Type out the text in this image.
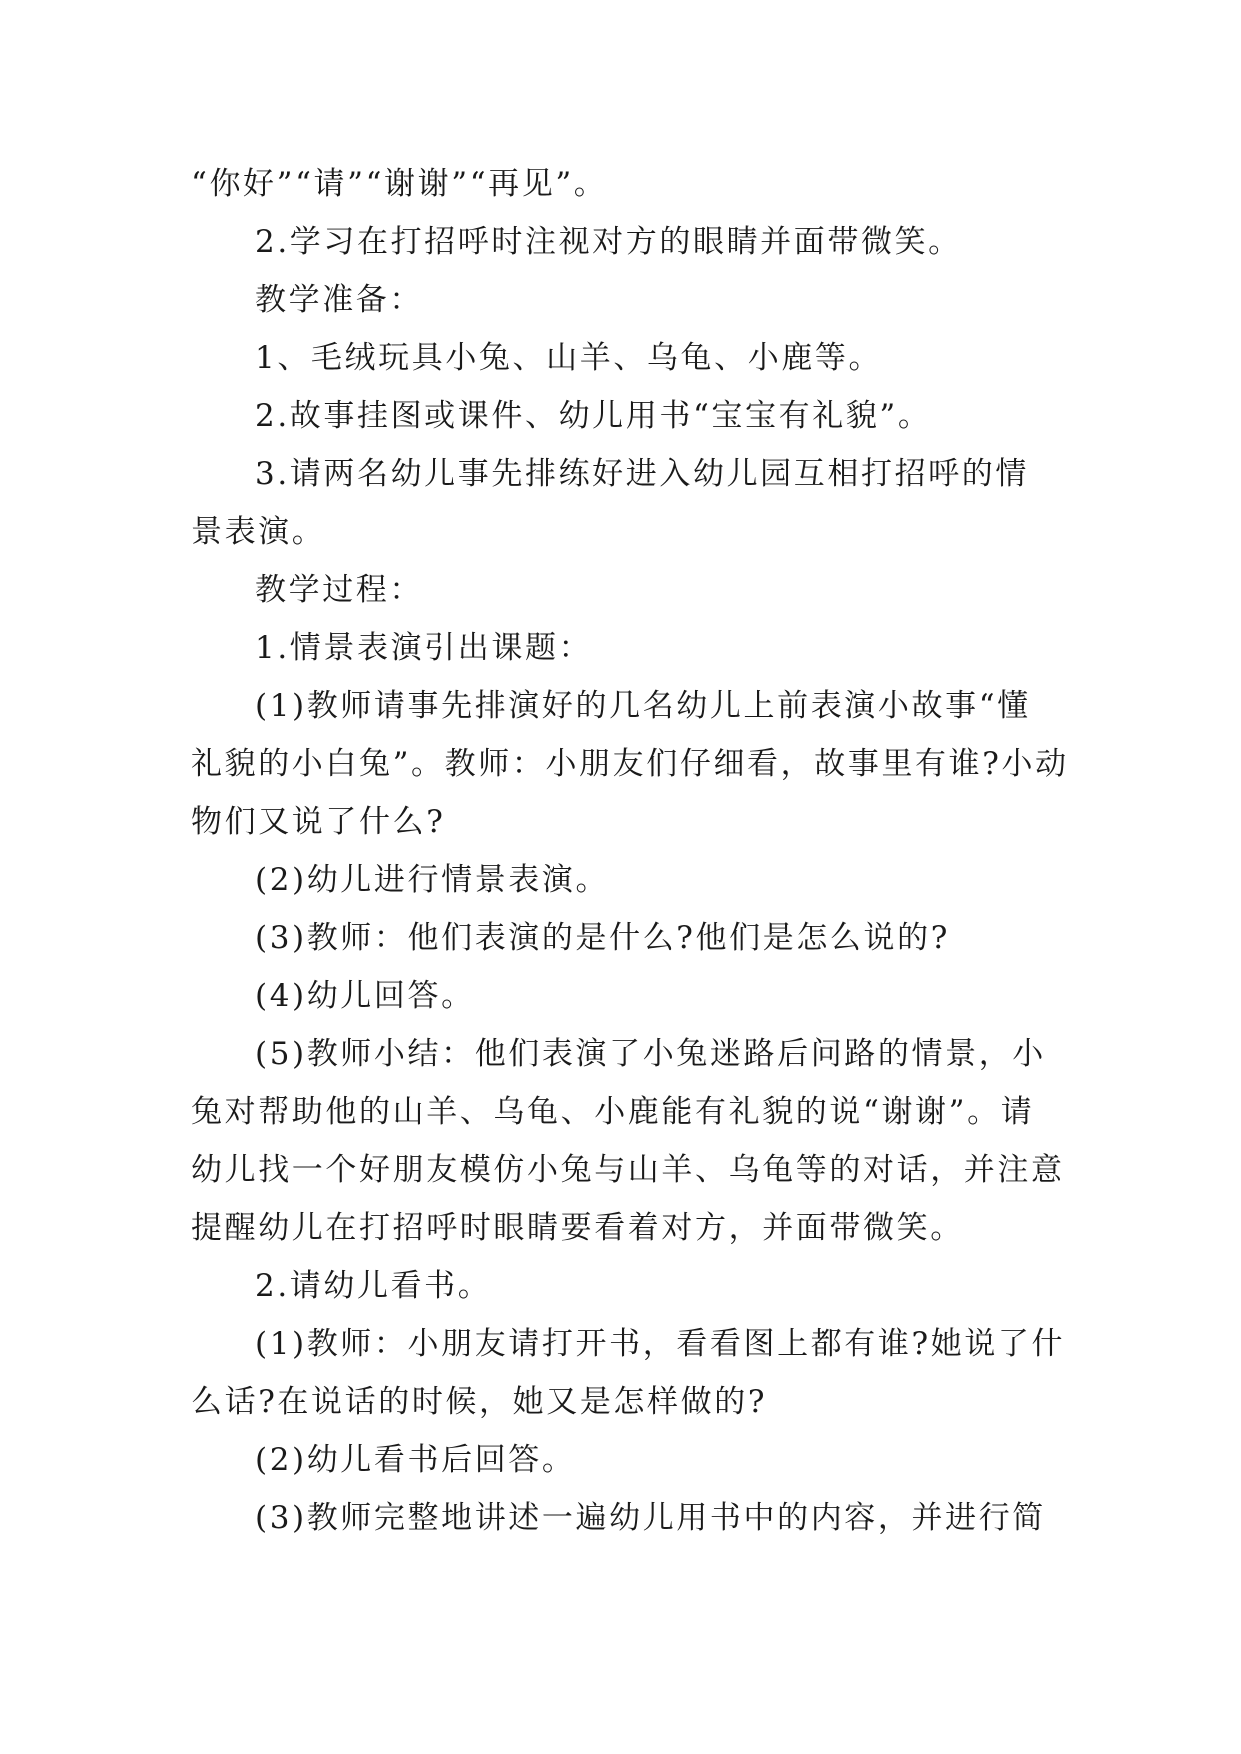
“你好”“请”“谢谢”“再见”。
2.学习在打招呼时注视对方的眼睛并面带微笑。
教学准备：
1、毛绒玩具小兔、山羊、乌龟、小鹿等。
2.故事挂图或课件、幼儿用书“宝宝有礼貌”。
3.请两名幼儿事先排练好进入幼儿园互相打招呼的情
景表演。
教学过程：
1.情景表演引出课题：
(1)教师请事先排演好的几名幼儿上前表演小故事“懂
礼貌的小白兔”。教师：小朋友们仔细看，故事里有谁?小动
物们又说了什么?
(2)幼儿进行情景表演。
(3)教师：他们表演的是什么?他们是怎么说的?
(4)幼儿回答。
(5)教师小结：他们表演了小兔迷路后问路的情景，小
兔对帮助他的山羊、乌龟、小鹿能有礼貌的说“谢谢”。请
幼儿找一个好朋友模仿小兔与山羊、乌龟等的对话，并注意
提醒幼儿在打招呼时眼睛要看着对方，并面带微笑。
2.请幼儿看书。
(1)教师：小朋友请打开书，看看图上都有谁?她说了什
么话?在说话的时候，她又是怎样做的?
(2)幼儿看书后回答。
(3)教师完整地讲述一遍幼儿用书中的内容，并进行简
